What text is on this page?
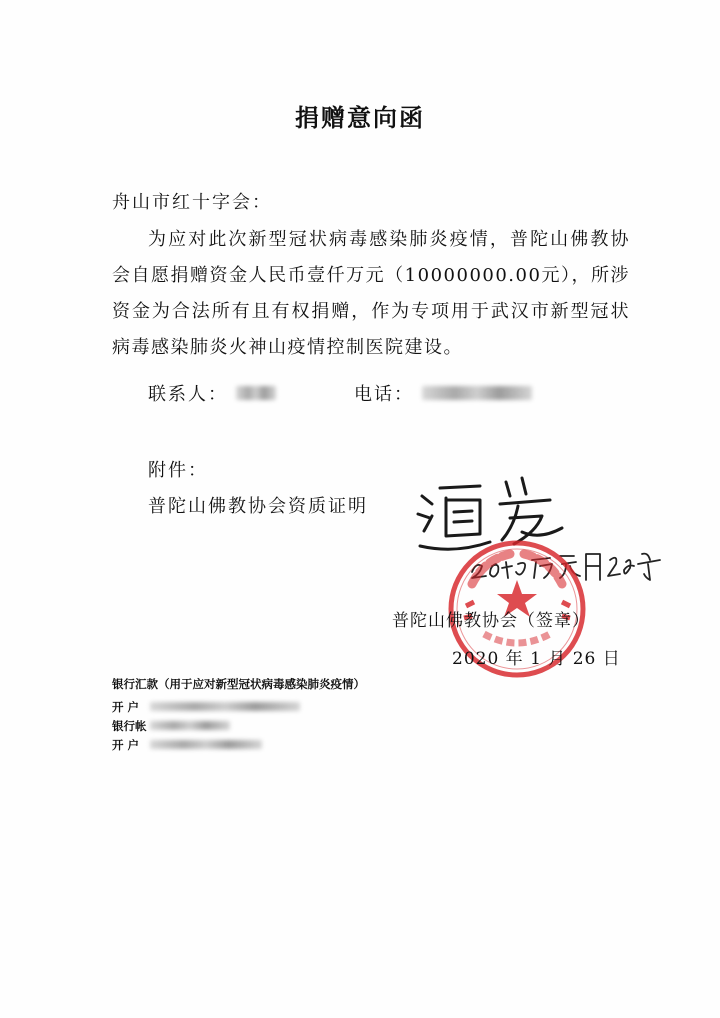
捐赠意向函
舟山市红十字会：
为应对此次新型冠状病毒感染肺炎疫情，普陀山佛教协会自愿捐赠资金人民币壹仟万元（10000000.00元），所涉资金为合法所有且有权捐赠，作为专项用于武汉市新型冠状病毒感染肺炎火神山疫情控制医院建设。
联系人：	电话：
附件：
普陀山佛教协会资质证明
普陀山佛教协会（签章）
2020 年 1 月 26 日
银行汇款（用于应对新型冠状病毒感染肺炎疫情）
开 户
银行帐
开 户
